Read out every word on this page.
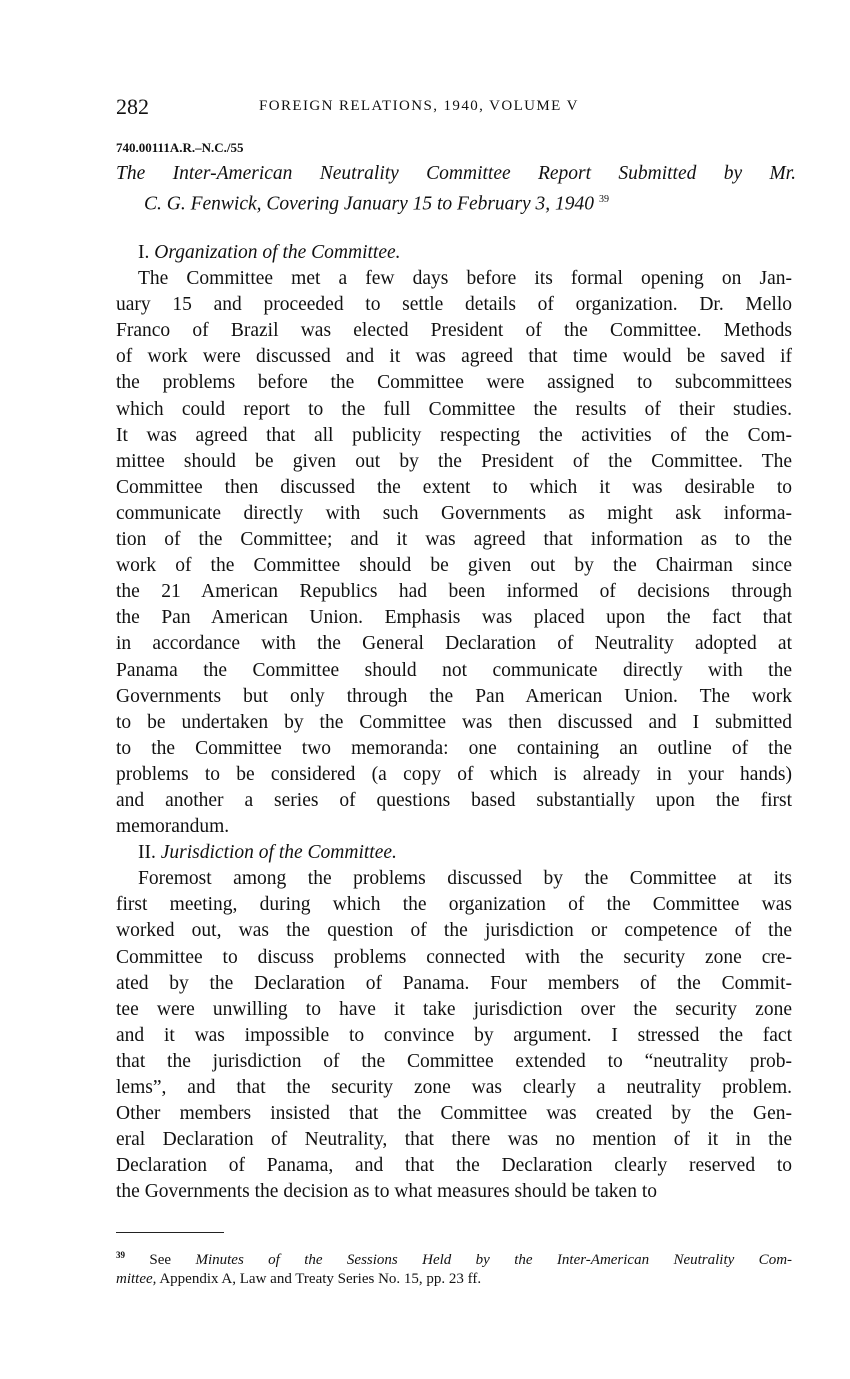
282	FOREIGN RELATIONS, 1940, VOLUME V
740.00111A.R.–N.C./55
The Inter-American Neutrality Committee Report Submitted by Mr.
C. G. Fenwick, Covering January 15 to February 3, 1940 $^{39}$
I. Organization of the Committee.
The Committee met a few days before its formal opening on Jan-
uary 15 and proceeded to settle details of organization. Dr. Mello
Franco of Brazil was elected President of the Committee. Methods
of work were discussed and it was agreed that time would be saved if
the problems before the Committee were assigned to subcommittees
which could report to the full Committee the results of their studies.
It was agreed that all publicity respecting the activities of the Com-
mittee should be given out by the President of the Committee. The
Committee then discussed the extent to which it was desirable to
communicate directly with such Governments as might ask informa-
tion of the Committee; and it was agreed that information as to the
work of the Committee should be given out by the Chairman since
the 21 American Republics had been informed of decisions through
the Pan American Union. Emphasis was placed upon the fact that
in accordance with the General Declaration of Neutrality adopted at
Panama the Committee should not communicate directly with the
Governments but only through the Pan American Union. The work
to be undertaken by the Committee was then discussed and I submitted
to the Committee two memoranda: one containing an outline of the
problems to be considered (a copy of which is already in your hands)
and another a series of questions based substantially upon the first
memorandum.
II. Jurisdiction of the Committee.
Foremost among the problems discussed by the Committee at its
first meeting, during which the organization of the Committee was
worked out, was the question of the jurisdiction or competence of the
Committee to discuss problems connected with the security zone cre-
ated by the Declaration of Panama. Four members of the Commit-
tee were unwilling to have it take jurisdiction over the security zone
and it was impossible to convince by argument. I stressed the fact
that the jurisdiction of the Committee extended to “neutrality prob-
lems”, and that the security zone was clearly a neutrality problem.
Other members insisted that the Committee was created by the Gen-
eral Declaration of Neutrality, that there was no mention of it in the
Declaration of Panama, and that the Declaration clearly reserved to
the Governments the decision as to what measures should be taken to
$^{39}$ See Minutes of the Sessions Held by the Inter-American Neutrality Com-
mittee, Appendix A, Law and Treaty Series No. 15, pp. 23 ff.
